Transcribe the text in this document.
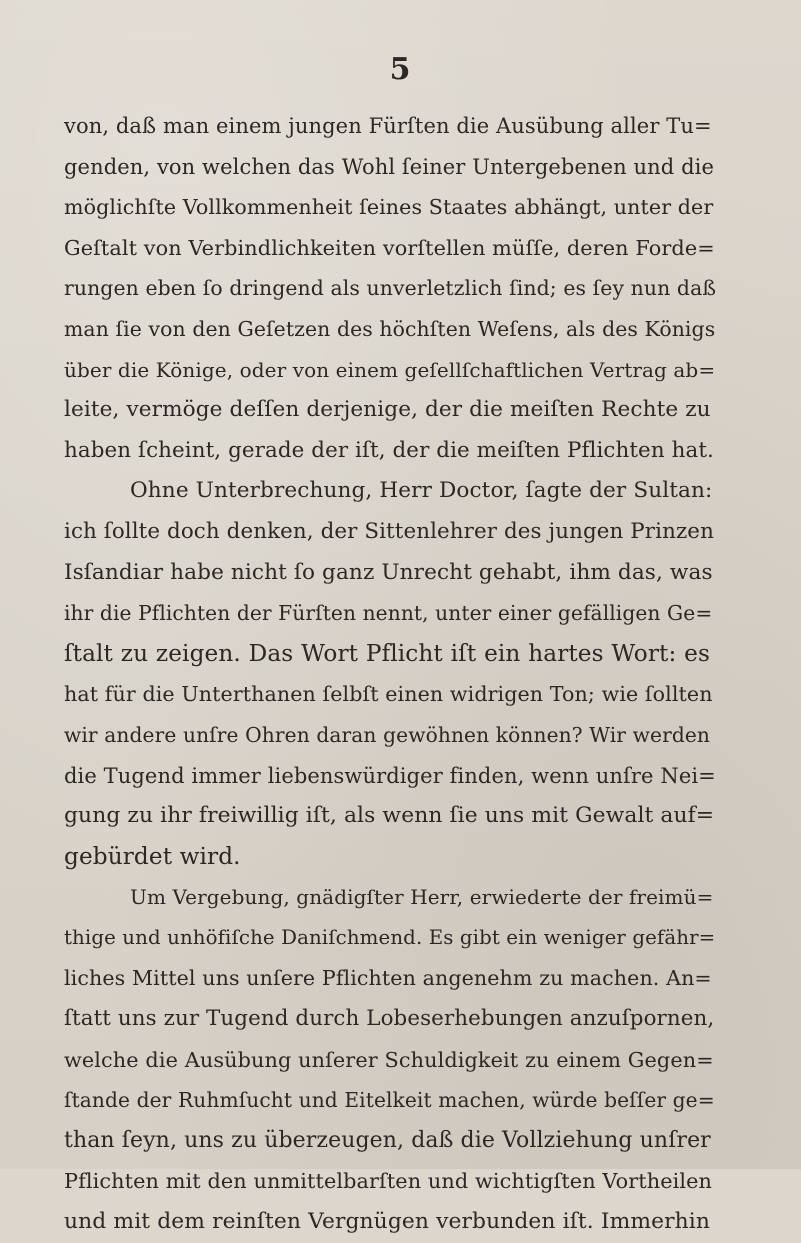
5
von, daß man einem jungen Fürſten die Ausübung aller Tu=
genden, von welchen das Wohl ſeiner Untergebenen und die
möglichſte Vollkommenheit ſeines Staates abhängt, unter der
Geſtalt von Verbindlichkeiten vorſtellen müſſe, deren Forde=
rungen eben ſo dringend als unverletzlich ſind; es ſey nun daß
man ſie von den Geſetzen des höchſten Weſens, als des Königs
über die Könige, oder von einem geſellſchaftlichen Vertrag ab=
leite, vermöge deſſen derjenige, der die meiſten Rechte zu
haben ſcheint, gerade der iſt, der die meiſten Pflichten hat.
Ohne Unterbrechung, Herr Doctor, ſagte der Sultan:
ich ſollte doch denken, der Sittenlehrer des jungen Prinzen
Isſandiar habe nicht ſo ganz Unrecht gehabt, ihm das, was
ihr die Pflichten der Fürſten nennt, unter einer gefälligen Ge=
ſtalt zu zeigen. Das Wort Pflicht iſt ein hartes Wort: es
hat für die Unterthanen ſelbſt einen widrigen Ton; wie ſollten
wir andere unſre Ohren daran gewöhnen können? Wir werden
die Tugend immer liebenswürdiger finden, wenn unſre Nei=
gung zu ihr freiwillig iſt, als wenn ſie uns mit Gewalt auf=
gebürdet wird.
Um Vergebung, gnädigſter Herr, erwiederte der freimü=
thige und unhöfiſche Daniſchmend. Es gibt ein weniger gefähr=
liches Mittel uns unſere Pflichten angenehm zu machen. An=
ſtatt uns zur Tugend durch Lobeserhebungen anzuſpornen,
welche die Ausübung unſerer Schuldigkeit zu einem Gegen=
ſtande der Ruhmſucht und Eitelkeit machen, würde beſſer ge=
than ſeyn, uns zu überzeugen, daß die Vollziehung unſrer
Pflichten mit den unmittelbarſten und wichtigſten Vortheilen
und mit dem reinſten Vergnügen verbunden iſt. Immerhin
